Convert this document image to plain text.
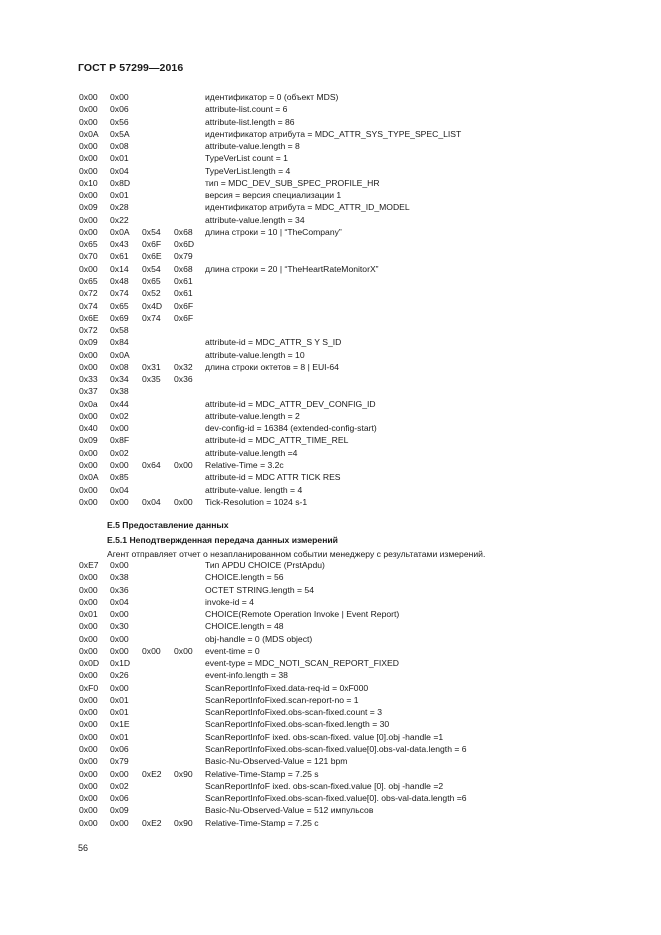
ГОСТ Р 57299—2016
0x00 0x00	идентификатор = 0 (объект MDS)
0x00 0x06	attribute-list.count = 6
0x00 0x56	attribute-list.length = 86
0x0A 0x5A	идентификатор атрибута = MDC_ATTR_SYS_TYPE_SPEC_LIST
0x00 0x08	attribute-value.length = 8
0x00 0x01	TypeVerList count = 1
0x00 0x04	TypeVerList.length = 4
0x10 0x8D	тип = MDC_DEV_SUB_SPEC_PROFILE_HR
0x00 0x01	версия = версия специализации 1
0x09 0x28	идентификатор атрибута = MDC_ATTR_ID_MODEL
0x00 0x22	attribute-value.length = 34
0x00 0x0A 0x54 0x68 длина строки = 10 | “TheCompany”
0x65 0x43 0x6F 0x6D
0x70 0x61 0x6E 0x79
0x00 0x14 0x54 0x68 длина строки = 20 | “TheHeartRateMonitorX”
0x65 0x48 0x65 0x61
0x72 0x74 0x52 0x61
0x74 0x65 0x4D 0x6F
0x6E 0x69 0x74 0x6F
0x72 0x58
0x09 0x84	attribute-id = MDC_ATTR_S Y S_ID
0x00 0x0A	attribute-value.length = 10
0x00 0x08 0x31 0x32 длина строки октетов = 8 | EUI-64
0x33 0x34 0x35 0x36
0x37 0x38
0x0a 0x44	attribute-id = MDC_ATTR_DEV_CONFIG_ID
0x00 0x02	attribute-value.length = 2
0x40 0x00	dev-config-id = 16384 (extended-config-start)
0x09 0x8F	attribute-id = MDC_ATTR_TIME_REL
0x00 0x02	attribute-value.length =4
0x00 0x00 0x64 0x00 Relative-Time = 3.2c
0x0A 0x85	attribute-id = MDC ATTR TICK RES
0x00 0x04	attribute-value. length = 4
0x00 0x00 0x04 0x00 Tick-Resolution = 1024 s-1
Е.5 Предоставление данных
Е.5.1 Неподтвержденная передача данных измерений
Агент отправляет отчет о незапланированном событии менеджеру с результатами измерений.
0xE7 0x00	Тип APDU CHOICE (PrstApdu)
0x00 0x38	CHOICE.length = 56
0x00 0x36	OCTET STRING.length = 54
0x00 0x04	invoke-id = 4
0x01 0x00	CHOICE(Remote Operation Invoke | Event Report)
0x00 0x30	CHOICE.length = 48
0x00 0x00	obj-handle = 0 (MDS object)
0x00 0x00 0x00 0x00 event-time = 0
0x0D 0x1D	event-type = MDC_NOTI_SCAN_REPORT_FIXED
0x00 0x26	event-info.length = 38
0xF0 0x00	ScanReportInfoFixed.data-req-id = 0xF000
0x00 0x01	ScanReportInfoFixed.scan-report-no = 1
0x00 0x01	ScanReportInfoFixed.obs-scan-fixed.count = 3
0x00 0x1E	ScanReportInfoFixed.obs-scan-fixed.length = 30
0x00 0x01	ScanReportInfoF ixed. obs-scan-fixed. value [0].obj -handle =1
0x00 0x06	ScanReportInfoFixed.obs-scan-fixed.value[0].obs-val-data.length = 6
0x00 0x79	Basic-Nu-Observed-Value = 121 bpm
0x00 0x00 0xE2 0x90 Relative-Time-Stamp = 7.25 s
0x00 0x02	ScanReportInfoF ixed. obs-scan-fixed.value [0]. obj -handle =2
0x00 0x06	ScanReportInfoFixed.obs-scan-fixed.value[0]. obs-val-data.length =6
0x00 0x09	Basic-Nu-Observed-Value = 512 импульсов
0x00 0x00 0xE2 0x90 Relative-Time-Stamp = 7.25 с
56
